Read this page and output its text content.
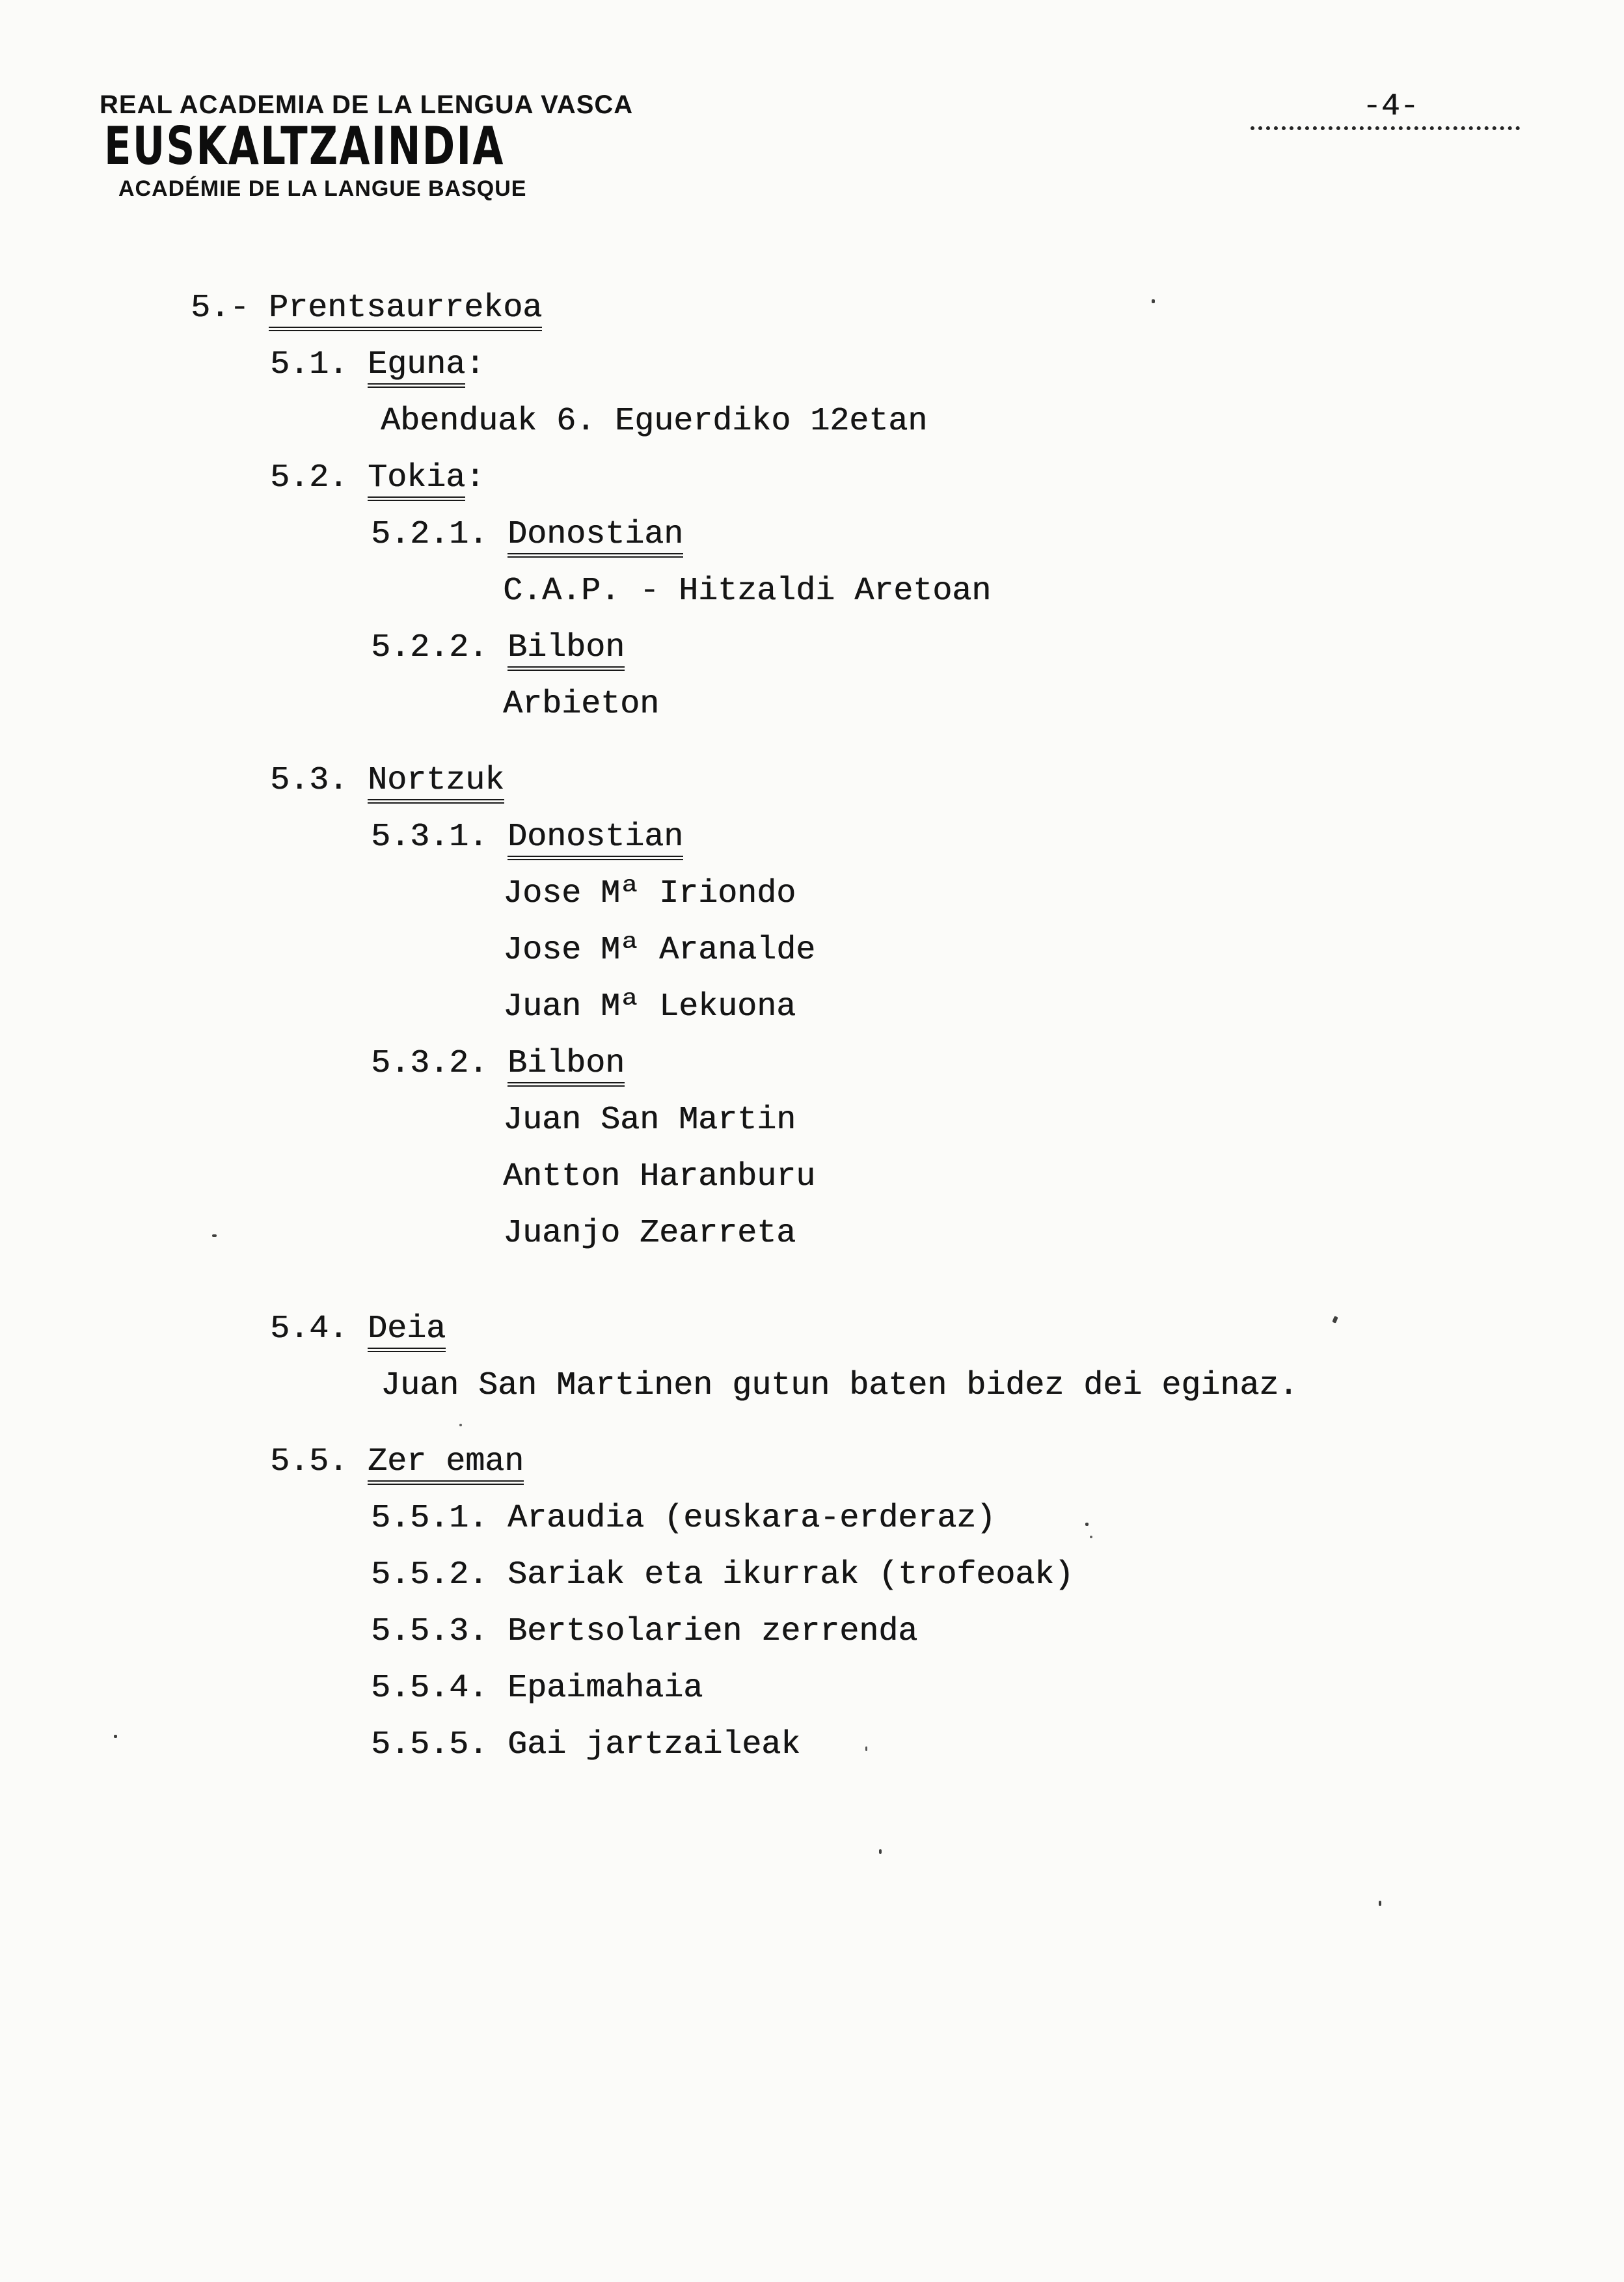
REAL ACADEMIA DE LA LENGUA VASCA
EUSKALTZAINDIA
ACADÉMIE DE LA LANGUE BASQUE
-4-
5.- Prentsaurrekoa
5.1. Eguna:
Abenduak 6. Eguerdiko 12etan
5.2. Tokia:
5.2.1. Donostian
C.A.P. - Hitzaldi Aretoan
5.2.2. Bilbon
Arbieton
5.3. Nortzuk
5.3.1. Donostian
Jose Mª Iriondo
Jose Mª Aranalde
Juan Mª Lekuona
5.3.2. Bilbon
Juan San Martin
Antton Haranburu
Juanjo Zearreta
5.4. Deia
Juan San Martinen gutun baten bidez dei eginaz.
5.5. Zer eman
5.5.1. Araudia (euskara-erderaz)
5.5.2. Sariak eta ikurrak (trofeoak)
5.5.3. Bertsolarien zerrenda
5.5.4. Epaimahaia
5.5.5. Gai jartzaileak
